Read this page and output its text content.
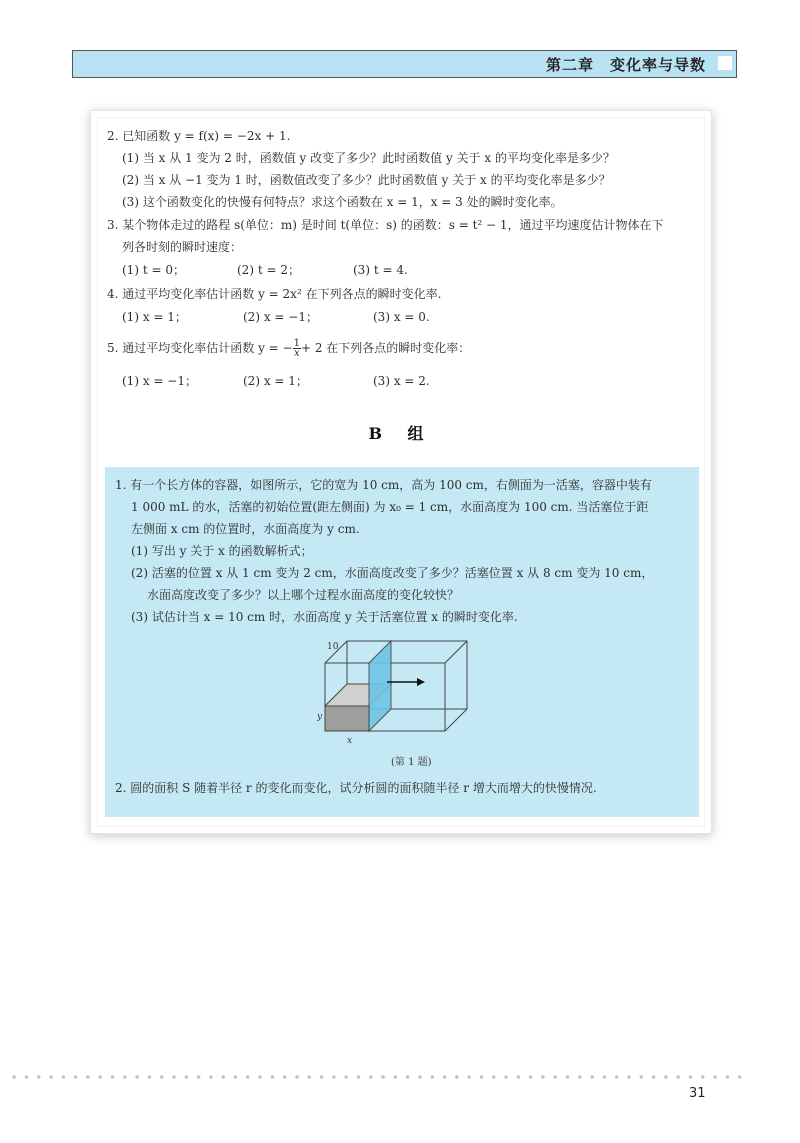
第二章　变化率与导数
2. 已知函数 y = f(x) = −2x + 1.
(1) 当 x 从 1 变为 2 时，函数值 y 改变了多少？此时函数值 y 关于 x 的平均变化率是多少？
(2) 当 x 从 −1 变为 1 时，函数值改变了多少？此时函数值 y 关于 x 的平均变化率是多少？
(3) 这个函数变化的快慢有何特点？求这个函数在 x = 1，x = 3 处的瞬时变化率。
3. 某个物体走过的路程 s(单位：m) 是时间 t(单位：s) 的函数：s = t² − 1，通过平均速度估计物体在下
列各时刻的瞬时速度：
(1) t = 0；	(2) t = 2；	(3) t = 4.
4. 通过平均变化率估计函数 y = 2x² 在下列各点的瞬时变化率.
(1) x = 1；	(2) x = −1；	(3) x = 0.
5. 通过平均变化率估计函数 y = − $\frac{1}{x} + 2$ 在下列各点的瞬时变化率：
(1) x = −1；	(2) x = 1；	(3) x = 2.
B 组
1. 有一个长方体的容器，如图所示，它的宽为 10 cm，高为 100 cm，右侧面为一活塞，容器中装有
1 000 mL 的水，活塞的初始位置(距左侧面) 为 x₀ = 1 cm，水面高度为 100 cm. 当活塞位于距
左侧面 x cm 的位置时，水面高度为 y cm.
(1) 写出 y 关于 x 的函数解析式；
(2) 活塞的位置 x 从 1 cm 变为 2 cm，水面高度改变了多少？活塞位置 x 从 8 cm 变为 10 cm，
水面高度改变了多少？以上哪个过程水面高度的变化较快？
(3) 试估计当 x = 10 cm 时，水面高度 y 关于活塞位置 x 的瞬时变化率.
10
y
x
(第 1 题)
2. 圆的面积 S 随着半径 r 的变化而变化，试分析圆的面积随半径 r 增大而增大的快慢情况.
31
